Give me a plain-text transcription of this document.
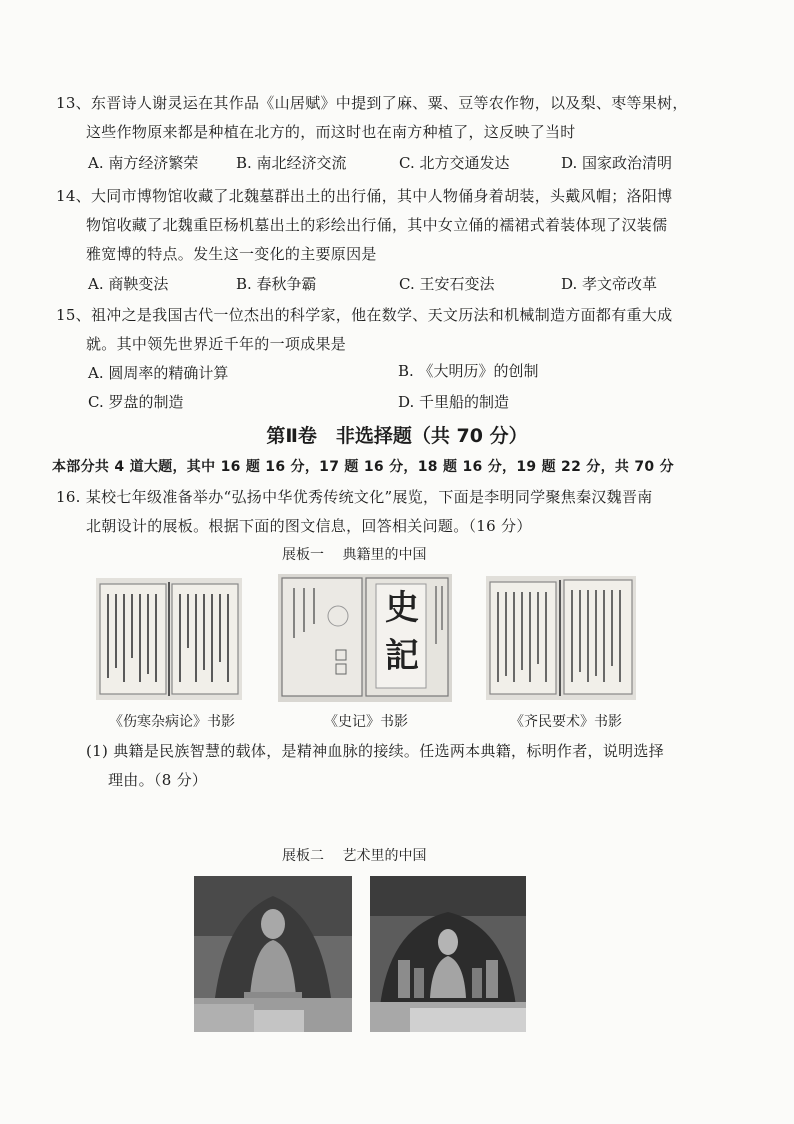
13、东晋诗人谢灵运在其作品《山居赋》中提到了麻、粟、豆等农作物，以及梨、枣等果树，
这些作物原来都是种植在北方的，而这时也在南方种植了，这反映了当时
A. 南方经济繁荣	B. 南北经济交流	C. 北方交通发达	D. 国家政治清明
14、大同市博物馆收藏了北魏墓群出土的出行俑，其中人物俑身着胡装，头戴风帽；洛阳博
物馆收藏了北魏重臣杨机墓出土的彩绘出行俑，其中女立俑的襦裙式着装体现了汉装儒
雅宽博的特点。发生这一变化的主要原因是
A. 商鞅变法	B. 春秋争霸	C. 王安石变法	D. 孝文帝改革
15、祖冲之是我国古代一位杰出的科学家，他在数学、天文历法和机械制造方面都有重大成
就。其中领先世界近千年的一项成果是
A. 圆周率的精确计算	B. 《大明历》的创制
C. 罗盘的制造	D. 千里船的制造
第Ⅱ卷　非选择题（共 70 分）
本部分共 4 道大题，其中 16 题 16 分，17 题 16 分，18 题 16 分，19 题 22 分，共 70 分
16. 某校七年级准备举办“弘扬中华优秀传统文化”展览，下面是李明同学聚焦秦汉魏晋南
北朝设计的展板。根据下面的图文信息，回答相关问题。（16 分）
展板一　 典籍里的中国
史
記
《伤寒杂病论》书影	《史记》书影	《齐民要术》书影
(1) 典籍是民族智慧的载体，是精神血脉的接续。任选两本典籍，标明作者，说明选择
理由。（8 分）
展板二　 艺术里的中国
